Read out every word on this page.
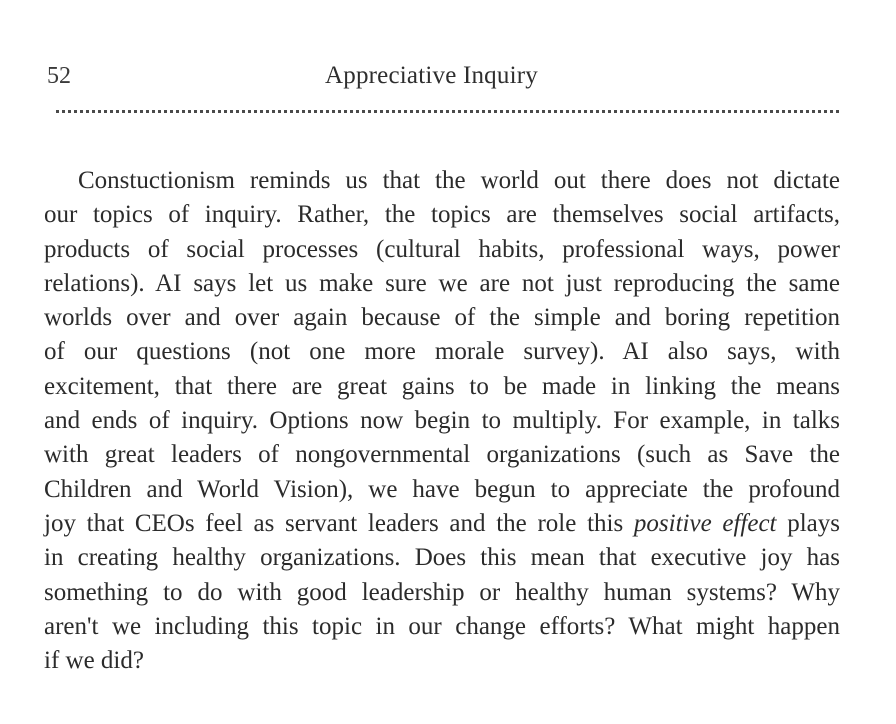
52	Appreciative Inquiry
Constuctionism reminds us that the world out there does not dictate
our topics of inquiry. Rather, the topics are themselves social artifacts,
products of social processes (cultural habits, professional ways, power
relations). AI says let us make sure we are not just reproducing the same
worlds over and over again because of the simple and boring repetition
of our questions (not one more morale survey). AI also says, with
excitement, that there are great gains to be made in linking the means
and ends of inquiry. Options now begin to multiply. For example, in talks
with great leaders of nongovernmental organizations (such as Save the
Children and World Vision), we have begun to appreciate the profound
joy that CEOs feel as servant leaders and the role this positive effect plays
in creating healthy organizations. Does this mean that executive joy has
something to do with good leadership or healthy human systems? Why
aren't we including this topic in our change efforts? What might happen
if we did?
